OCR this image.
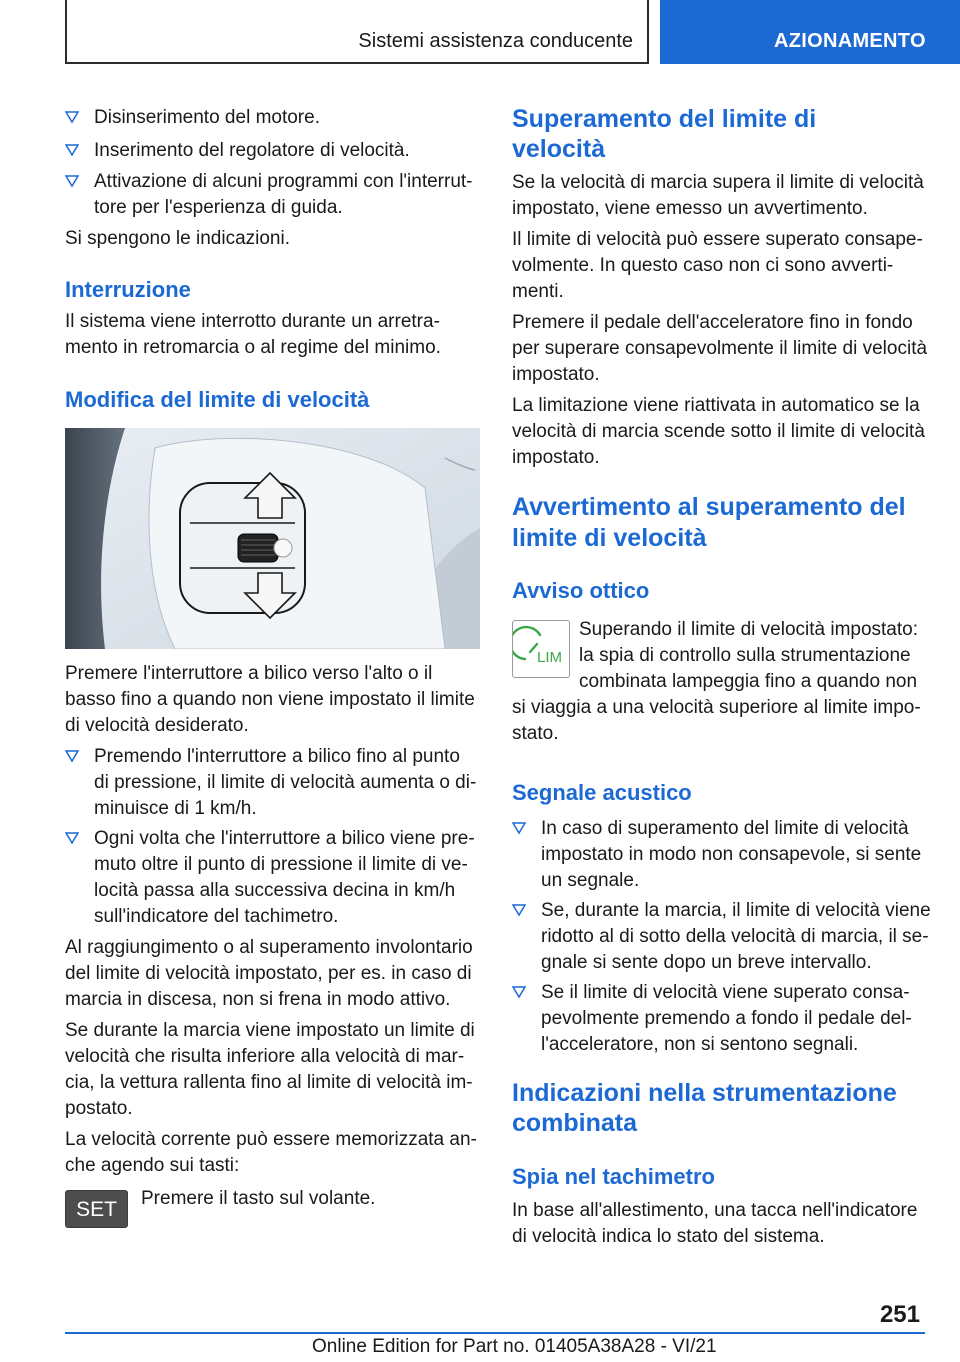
Sistemi assistenza conducente	AZIONAMENTO
Disinserimento del motore.
Inserimento del regolatore di velocità.
Attivazione di alcuni programmi con l'interrut-
tore per l'esperienza di guida.

Si spengono le indicazioni.

Interruzione

Il sistema viene interrotto durante un arretra-

mento in retromarcia o al regime del minimo.

Modifica del limite di velocità

Premere l'interruttore a bilico verso l'alto o il

basso fino a quando non viene impostato il limite

di velocità desiderato.

Premendo l'interruttore a bilico fino al punto
di pressione, il limite di velocità aumenta o di-
minuisce di 1 km/h.
Ogni volta che l'interruttore a bilico viene pre-
muto oltre il punto di pressione il limite di ve-
locità passa alla successiva decina in km/h
sull'indicatore del tachimetro.

Al raggiungimento o al superamento involontario

del limite di velocità impostato, per es. in caso di

marcia in discesa, non si frena in modo attivo.

Se durante la marcia viene impostato un limite di

velocità che risulta inferiore alla velocità di mar-

cia, la vettura rallenta fino al limite di velocità im-

postato.

La velocità corrente può essere memorizzata an-

che agendo sui tasti:

SET	Premere il tasto sul volante.

Superamento del limite di
velocità

Se la velocità di marcia supera il limite di velocità

impostato, viene emesso un avvertimento.

Il limite di velocità può essere superato consape-

volmente. In questo caso non ci sono avverti-

menti.

Premere il pedale dell'acceleratore fino in fondo

per superare consapevolmente il limite di velocità

impostato.

La limitazione viene riattivata in automatico se la

velocità di marcia scende sotto il limite di velocità

impostato.

Avvertimento al superamento del
limite di velocità
Avviso ottico
LIM

Superando il limite di velocità impostato:

la spia di controllo sulla strumentazione

combinata lampeggia fino a quando non

si viaggia a una velocità superiore al limite impo-

stato.

Segnale acustico
In caso di superamento del limite di velocità
impostato in modo non consapevole, si sente
un segnale.
Se, durante la marcia, il limite di velocità viene
ridotto al di sotto della velocità di marcia, il se-
gnale si sente dopo un breve intervallo.
Se il limite di velocità viene superato consa-
pevolmente premendo a fondo il pedale del-
l'acceleratore, non si sentono segnali.
Indicazioni nella strumentazione
combinata
Spia nel tachimetro

In base all'allestimento, una tacca nell'indicatore

di velocità indica lo stato del sistema.

251
Online Edition for Part no. 01405A38A28 - VI/21
